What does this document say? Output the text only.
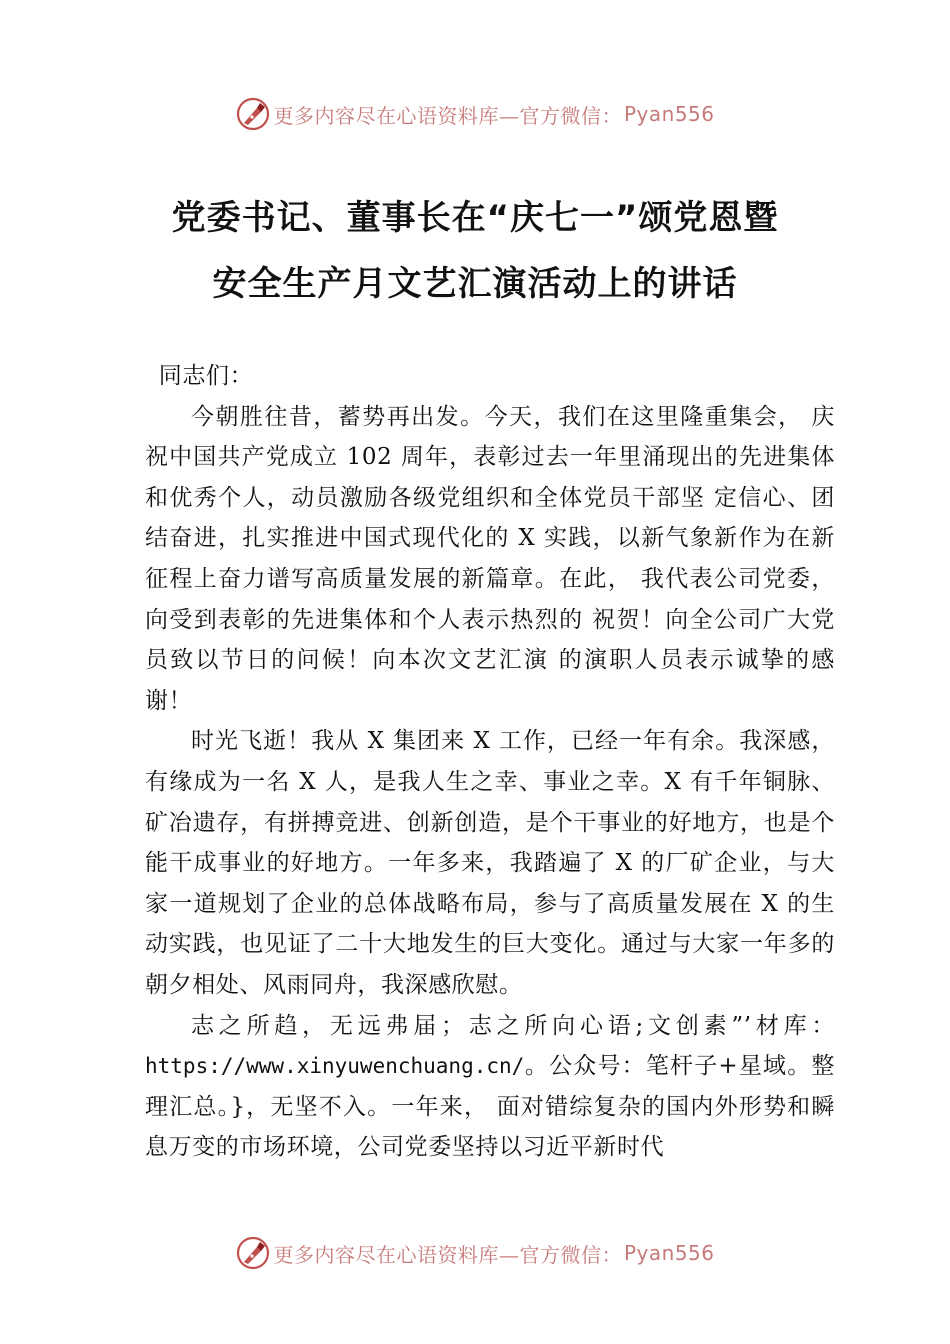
更多内容尽在心语资料库—官方微信： Pyan556
党委书记、董事长在“庆七一”颂党恩暨
安全生产月文艺汇演活动上的讲话

同志们：

今朝胜往昔，蓄势再出发。今天，我们在这里隆重集会， 庆祝中国共产党成立 102 周年，表彰过去一年里涌现出的先进集体和优秀个人，动员激励各级党组织和全体党员干部坚 定信心、团结奋进，扎实推进中国式现代化的 X 实践，以新气象新作为在新征程上奋力谱写高质量发展的新篇章。在此， 我代表公司党委，向受到表彰的先进集体和个人表示热烈的 祝贺！向全公司广大党员致以节日的问候！向本次文艺汇演 的演职人员表示诚挚的感谢！

时光飞逝！我从 X 集团来 X 工作，已经一年有余。我深感，有缘成为一名 X 人，是我人生之幸、事业之幸。X 有千年铜脉、矿冶遗存，有拼搏竞进、创新创造，是个干事业的好地方，也是个能干成事业的好地方。一年多来，我踏遍了 X 的厂矿企业，与大家一道规划了企业的总体战略布局，参与了高质量发展在 X 的生动实践，也见证了二十大地发生的巨大变化。通过与大家一年多的朝夕相处、风雨同舟，我深感欣慰。

志之所趋，无远弗届；志之所向心语;文创素”’材库：https://www.xinyuwenchuang.cn/。公众号：笔杆子+星域。整理汇总。}，无坚不入。一年来， 面对错综复杂的国内外形势和瞬息万变的市场环境，公司党委坚持以习近平新时代

更多内容尽在心语资料库—官方微信： Pyan556
